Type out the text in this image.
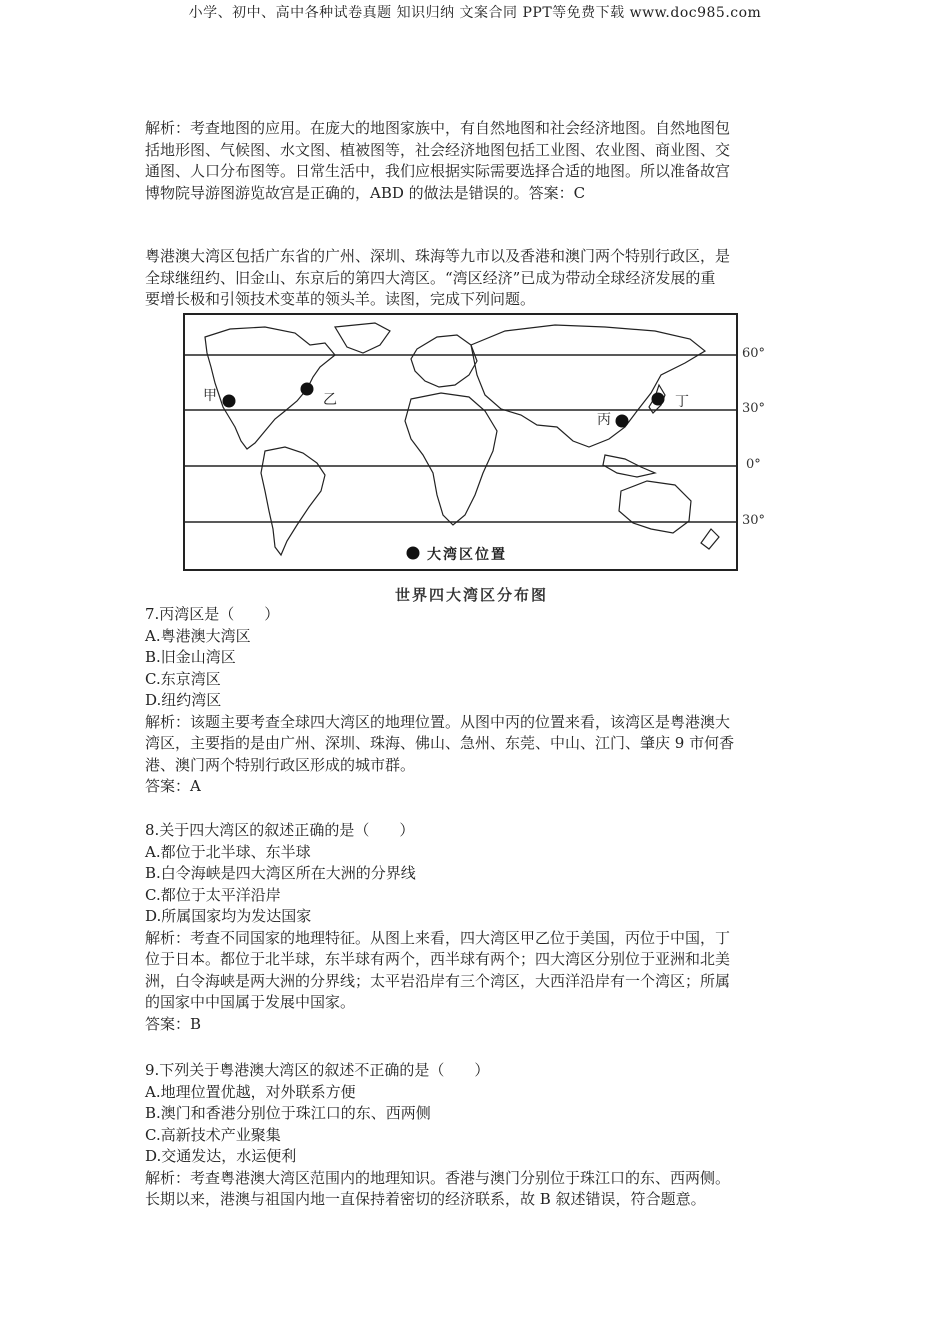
小学、初中、高中各种试卷真题 知识归纳 文案合同 PPT等免费下载 www.doc985.com
解析：考查地图的应用。在庞大的地图家族中，有自然地图和社会经济地图。自然地图包
括地形图、气候图、水文图、植被图等，社会经济地图包括工业图、农业图、商业图、交
通图、人口分布图等。日常生活中，我们应根据实际需要选择合适的地图。所以准备故宫
博物院导游图游览故宫是正确的，ABD 的做法是错误的。答案：C
粤港澳大湾区包括广东省的广州、深圳、珠海等九市以及香港和澳门两个特别行政区，是
全球继纽约、旧金山、东京后的第四大湾区。“湾区经济”已成为带动全球经济发展的重
要增长极和引领技术变革的领头羊。读图，完成下列问题。
甲	乙
丙
丁
大湾区位置
60°
30°
0°
30°
世界四大湾区分布图
7.丙湾区是（　　）
A.粤港澳大湾区
B.旧金山湾区
C.东京湾区
D.纽约湾区
解析：该题主要考查全球四大湾区的地理位置。从图中丙的位置来看，该湾区是粤港澳大
湾区，主要指的是由广州、深圳、珠海、佛山、急州、东莞、中山、江门、肇庆 9 市何香
港、澳门两个特别行政区形成的城市群。
答案：A
8.关于四大湾区的叙述正确的是（　　）
A.都位于北半球、东半球
B.白令海峡是四大湾区所在大洲的分界线
C.都位于太平洋沿岸
D.所属国家均为发达国家
解析：考查不同国家的地理特征。从图上来看，四大湾区甲乙位于美国，丙位于中国，丁
位于日本。都位于北半球，东半球有两个，西半球有两个；四大湾区分别位于亚洲和北美
洲，白令海峡是两大洲的分界线；太平岩沿岸有三个湾区，大西洋沿岸有一个湾区；所属
的国家中中国属于发展中国家。
答案：B
9.下列关于粤港澳大湾区的叙述不正确的是（　　）
A.地理位置优越，对外联系方便
B.澳门和香港分别位于珠江口的东、西两侧
C.高新技术产业聚集
D.交通发达，水运便利
解析：考查粤港澳大湾区范围内的地理知识。香港与澳门分别位于珠江口的东、西两侧。
长期以来，港澳与祖国内地一直保持着密切的经济联系，故 B 叙述错误，符合题意。
